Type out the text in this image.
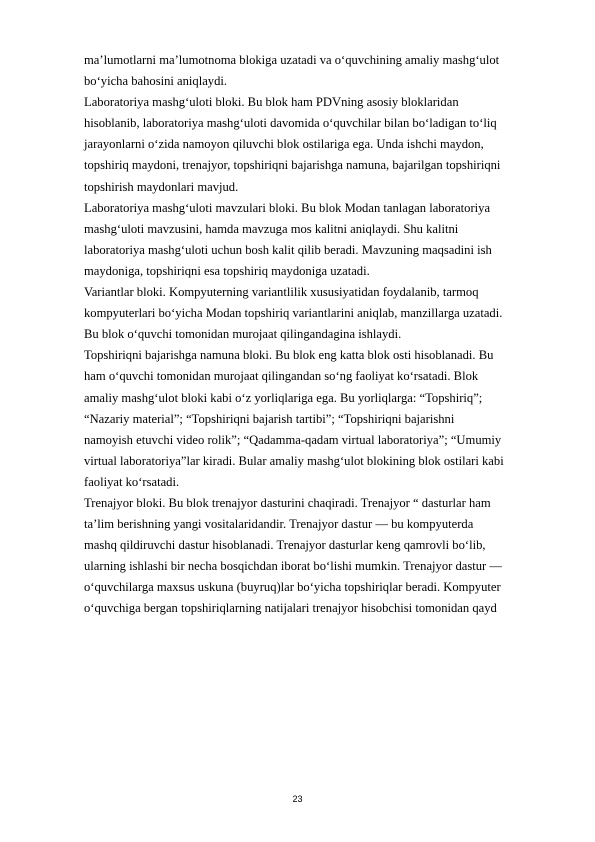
ma’lumotlarni ma’lumotnoma blokiga uzatadi va o‘quvchining amaliy mashg‘ulot
bo‘yicha bahosini aniqlaydi.
Laboratoriya mashg‘uloti bloki. Bu blok ham PDVning asosiy bloklaridan
hisoblanib, laboratoriya mashg‘uloti davomida o‘quvchilar bilan bo‘ladigan to‘liq
jarayonlarni o‘zida namoyon qiluvchi blok ostilariga ega. Unda ishchi maydon,
topshiriq maydoni, trenajyor, topshiriqni bajarishga namuna, bajarilgan topshiriqni
topshirish maydonlari mavjud.
Laboratoriya mashg‘uloti mavzulari bloki. Bu blok Modan tanlagan laboratoriya
mashg‘uloti mavzusini, hamda mavzuga mos kalitni aniqlaydi. Shu kalitni
laboratoriya mashg‘uloti uchun bosh kalit qilib beradi. Mavzuning maqsadini ish
maydoniga, topshiriqni esa topshiriq maydoniga uzatadi.
Variantlar bloki. Kompyuterning variantlilik xususiyatidan foydalanib, tarmoq
kompyuterlari bo‘yicha Modan topshiriq variantlarini aniqlab, manzillarga uzatadi.
Bu blok o‘quvchi tomonidan murojaat qilingandagina ishlaydi.
Topshiriqni bajarishga namuna bloki. Bu blok eng katta blok osti hisoblanadi. Bu
ham o‘quvchi tomonidan murojaat qilingandan so‘ng faoliyat ko‘rsatadi. Blok
amaliy mashg‘ulot bloki kabi o‘z yorliqlariga ega. Bu yorliqlarga: “Topshiriq”;
“Nazariy material”; “Topshiriqni bajarish tartibi”; “Topshiriqni bajarishni
namoyish etuvchi video rolik”; “Qadamma-qadam virtual laboratoriya”; “Umumiy
virtual laboratoriya”lar kiradi. Bular amaliy mashg‘ulot blokining blok ostilari kabi
faoliyat ko‘rsatadi.
Trenajyor bloki. Bu blok trenajyor dasturini chaqiradi. Trenajyor “ dasturlar ham
ta’lim berishning yangi vositalaridandir. Trenajyor dastur — bu kompyuterda
mashq qildiruvchi dastur hisoblanadi. Trenajyor dasturlar keng qamrovli bo‘lib,
ularning ishlashi bir necha bosqichdan iborat bo‘lishi mumkin. Trenajyor dastur —
o‘quvchilarga maxsus uskuna (buyruq)lar bo‘yicha topshiriqlar beradi. Kompyuter
o‘quvchiga bergan topshiriqlarning natijalari trenajyor hisobchisi tomonidan qayd
23
